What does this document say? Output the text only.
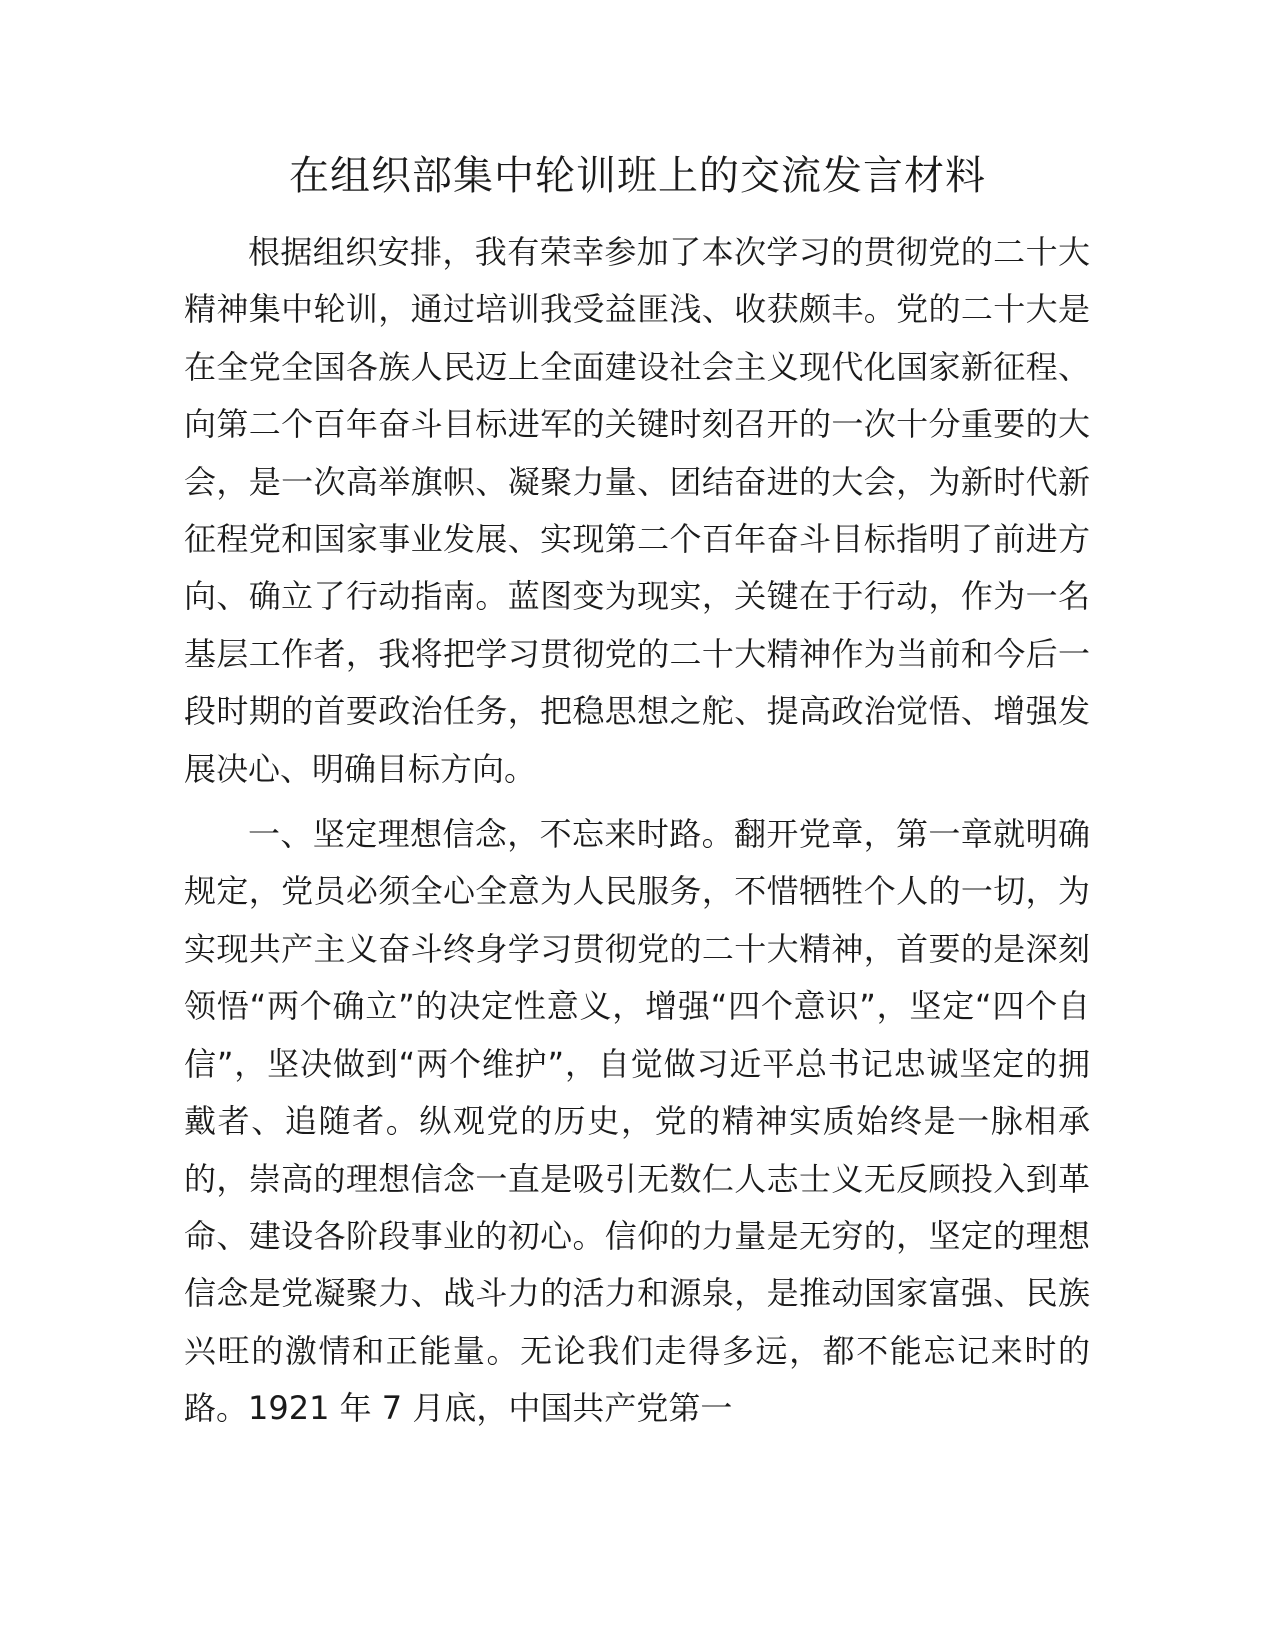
在组织部集中轮训班上的交流发言材料

根据组织安排，我有荣幸参加了本次学习的贯彻党的二十大精神集中轮训，通过培训我受益匪浅、收获颇丰。党的二十大是在全党全国各族人民迈上全面建设社会主义现代化国家新征程、向第二个百年奋斗目标进军的关键时刻召开的一次十分重要的大会，是一次高举旗帜、凝聚力量、团结奋进的大会，为新时代新征程党和国家事业发展、实现第二个百年奋斗目标指明了前进方向、确立了行动指南。蓝图变为现实，关键在于行动，作为一名基层工作者，我将把学习贯彻党的二十大精神作为当前和今后一段时期的首要政治任务，把稳思想之舵、提高政治觉悟、增强发展决心、明确目标方向。

一、坚定理想信念，不忘来时路。翻开党章，第一章就明确规定，党员必须全心全意为人民服务，不惜牺牲个人的一切，为实现共产主义奋斗终身学习贯彻党的二十大精神，首要的是深刻领悟“两个确立”的决定性意义，增强“四个意识”，坚定“四个自信”，坚决做到“两个维护”，自觉做习近平总书记忠诚坚定的拥戴者、追随者。纵观党的历史，党的精神实质始终是一脉相承的，崇高的理想信念一直是吸引无数仁人志士义无反顾投入到革命、建设各阶段事业的初心。信仰的力量是无穷的，坚定的理想信念是党凝聚力、战斗力的活力和源泉，是推动国家富强、民族兴旺的激情和正能量。无论我们走得多远，都不能忘记来时的路。1921 年 7 月底，中国共产党第一
